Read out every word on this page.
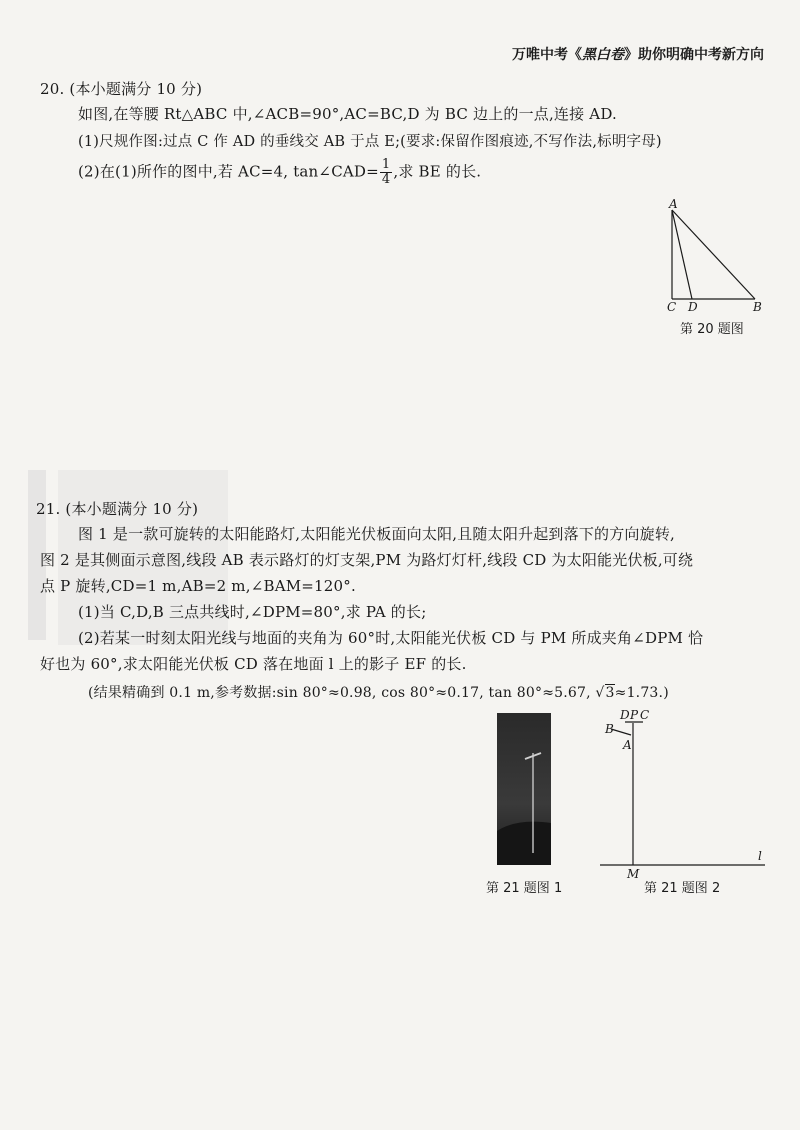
万唯中考《黑白卷》助你明确中考新方向
20. (本小题满分 10 分)
如图,在等腰 Rt△ABC 中,∠ACB=90°,AC=BC,D 为 BC 边上的一点,连接 AD.
(1)尺规作图:过点 C 作 AD 的垂线交 AB 于点 E;(要求:保留作图痕迹,不写作法,标明字母)
(2)在(1)所作的图中,若 AC=4, tan∠CAD= $\frac{1}{4}$ ,求 BE 的长.
A
C D	B
第 20 题图
21. (本小题满分 10 分)
图 1 是一款可旋转的太阳能路灯,太阳能光伏板面向太阳,且随太阳升起到落下的方向旋转,
图 2 是其侧面示意图,线段 AB 表示路灯的灯支架,PM 为路灯灯杆,线段 CD 为太阳能光伏板,可绕
点 P 旋转,CD=1 m,AB=2 m,∠BAM=120°.
(1)当 C,D,B 三点共线时,∠DPM=80°,求 PA 的长;
(2)若某一时刻太阳光线与地面的夹角为 60°时,太阳能光伏板 CD 与 PM 所成夹角∠DPM 恰
好也为 60°,求太阳能光伏板 CD 落在地面 l 上的影子 EF 的长.
(结果精确到 0.1 m,参考数据:sin 80°≈0.98, cos 80°≈0.17, tan 80°≈5.67, √3≈1.73.)
第 21 题图 1
B
A
D P C
M
l
第 21 题图 2
